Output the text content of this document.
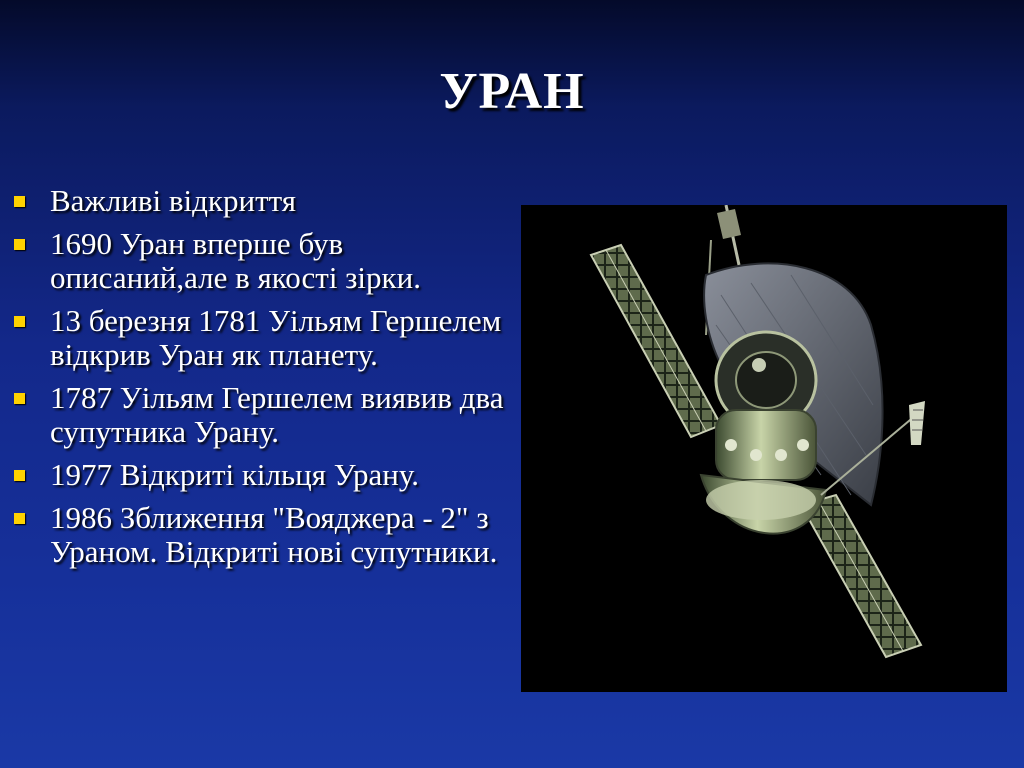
УРАН
Важливі відкриття
1690 Уран вперше був описаний,але в якості зірки.
13 березня 1781 Уільям Гершелем відкрив Уран як планету.
1787 Уільям Гершелем виявив два супутника Урану.
1977 Відкриті кільця Урану.
1986 Зближення "Вояджера - 2" з Ураном. Відкриті нові супутники.
